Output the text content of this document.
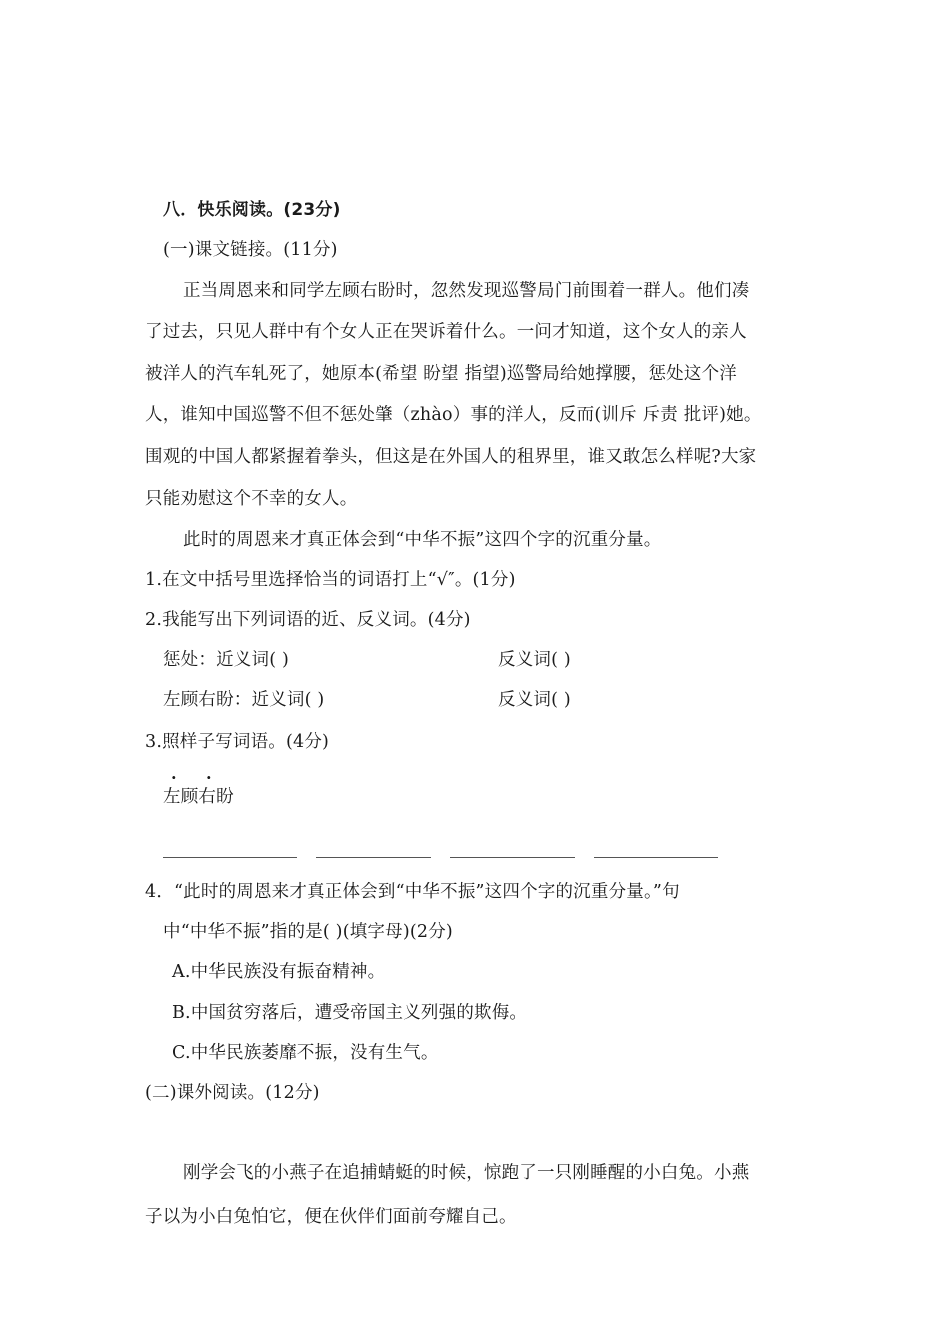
八．快乐阅读。(23分)
(一)课文链接。(11分)
正当周恩来和同学左顾右盼时，忽然发现巡警局门前围着一群人。他们凑
了过去，只见人群中有个女人正在哭诉着什么。一问才知道，这个女人的亲人
被洋人的汽车轧死了，她原本(希望 盼望 指望)巡警局给她撑腰，惩处这个洋
人，谁知中国巡警不但不惩处肇（zhào）事的洋人，反而(训斥 斥责 批评)她。
围观的中国人都紧握着拳头，但这是在外国人的租界里，谁又敢怎么样呢?大家
只能劝慰这个不幸的女人。
此时的周恩来才真正体会到“中华不振”这四个字的沉重分量。
1.在文中括号里选择恰当的词语打上“√″。(1分)
2.我能写出下列词语的近、反义词。(4分)
惩处：近义词( )	反义词( )
左顾右盼：近义词( )	反义词( )
3.照样子写词语。(4分)
. .
左顾右盼
4．“此时的周恩来才真正体会到“中华不振”这四个字的沉重分量。”句
中“中华不振”指的是( )(填字母)(2分)
A.中华民族没有振奋精神。
B.中国贫穷落后，遭受帝国主义列强的欺侮。
C.中华民族萎靡不振，没有生气。
(二)课外阅读。(12分)
刚学会飞的小燕子在追捕蜻蜓的时候，惊跑了一只刚睡醒的小白兔。小燕
子以为小白兔怕它，便在伙伴们面前夸耀自己。
